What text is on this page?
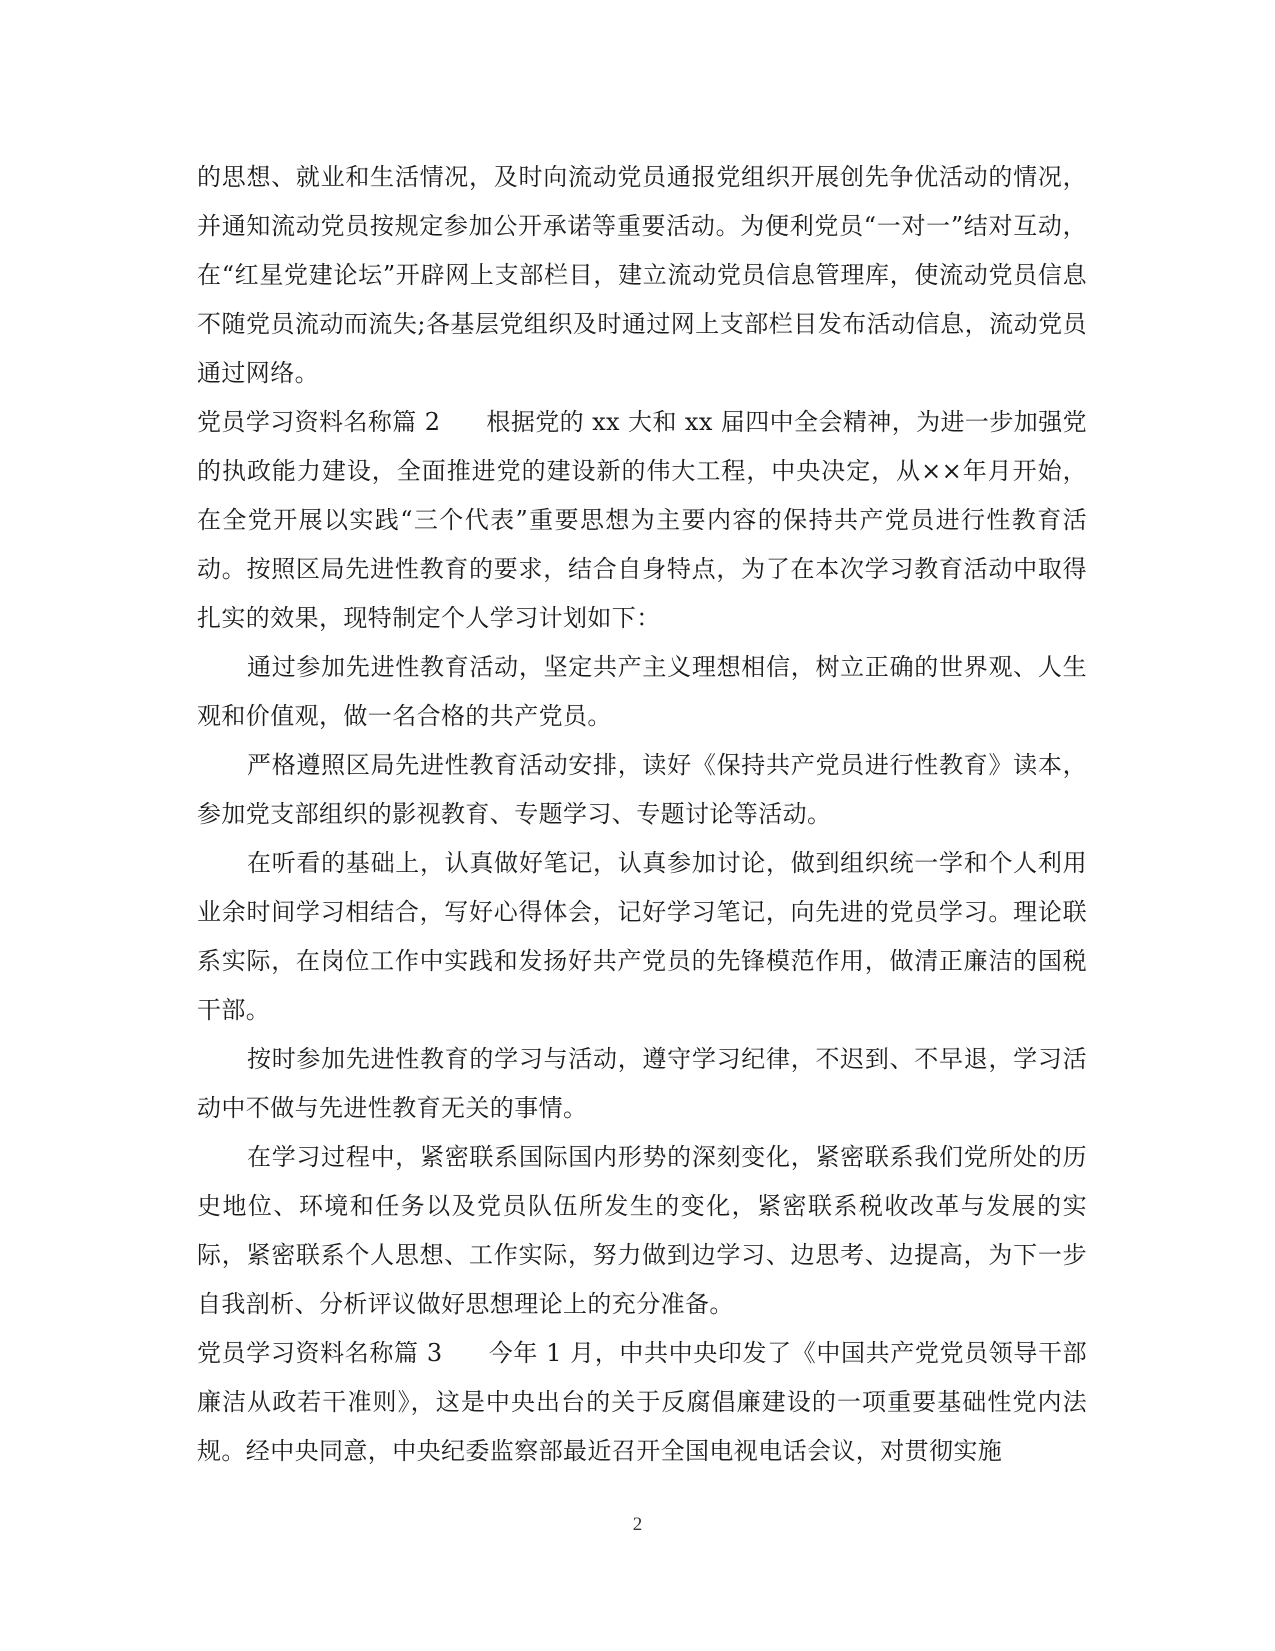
的思想、就业和生活情况，及时向流动党员通报党组织开展创先争优活动的情况，并通知流动党员按规定参加公开承诺等重要活动。为便利党员“一对一”结对互动，在“红星党建论坛”开辟网上支部栏目，建立流动党员信息管理库，使流动党员信息不随党员流动而流失;各基层党组织及时通过网上支部栏目发布活动信息，流动党员通过网络。

党员学习资料名称篇 2 根据党的 xx 大和 xx 届四中全会精神，为进一步加强党的执政能力建设，全面推进党的建设新的伟大工程，中央决定，从××年月开始，在全党开展以实践“三个代表”重要思想为主要内容的保持共产党员进行性教育活动。按照区局先进性教育的要求，结合自身特点，为了在本次学习教育活动中取得扎实的效果，现特制定个人学习计划如下：

通过参加先进性教育活动，坚定共产主义理想相信，树立正确的世界观、人生观和价值观，做一名合格的共产党员。

严格遵照区局先进性教育活动安排，读好《保持共产党员进行性教育》读本，参加党支部组织的影视教育、专题学习、专题讨论等活动。

在听看的基础上，认真做好笔记，认真参加讨论，做到组织统一学和个人利用业余时间学习相结合，写好心得体会，记好学习笔记，向先进的党员学习。理论联系实际，在岗位工作中实践和发扬好共产党员的先锋模范作用，做清正廉洁的国税干部。

按时参加先进性教育的学习与活动，遵守学习纪律，不迟到、不早退，学习活动中不做与先进性教育无关的事情。

在学习过程中，紧密联系国际国内形势的深刻变化，紧密联系我们党所处的历史地位、环境和任务以及党员队伍所发生的变化，紧密联系税收改革与发展的实际，紧密联系个人思想、工作实际，努力做到边学习、边思考、边提高，为下一步自我剖析、分析评议做好思想理论上的充分准备。

党员学习资料名称篇 3 今年 1 月，中共中央印发了《中国共产党党员领导干部廉洁从政若干准则》，这是中央出台的关于反腐倡廉建设的一项重要基础性党内法规。经中央同意，中央纪委监察部最近召开全国电视电话会议，对贯彻实施

2
